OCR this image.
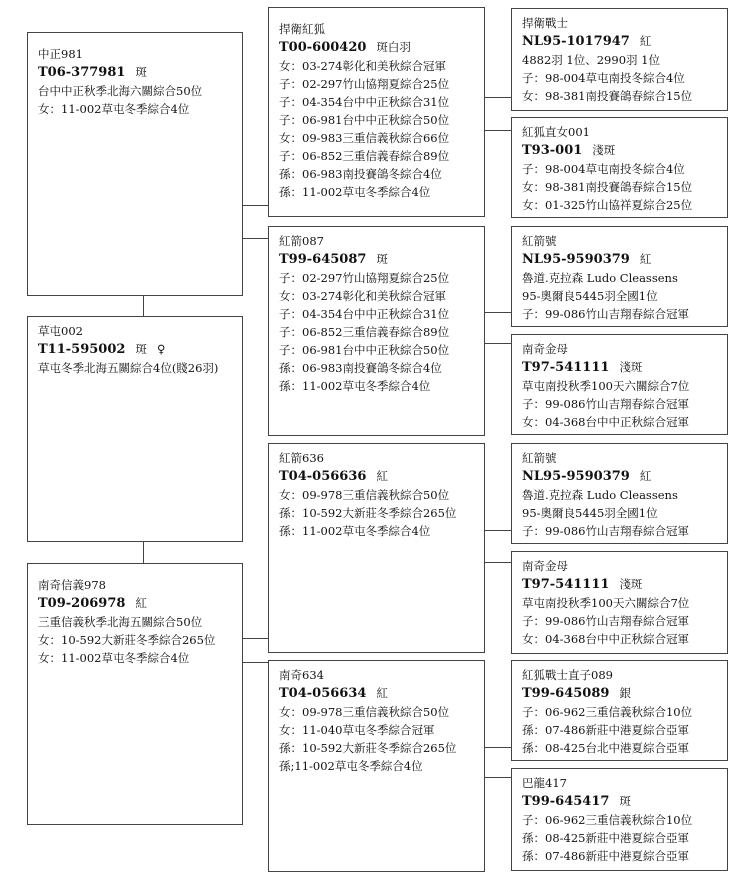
中正981
T06-377981 斑
台中中正秋季北海六關綜合50位
女：11-002草屯冬季綜合4位
草屯002
T11-595002 斑 ♀
草屯冬季北海五關綜合4位(賤26羽)
南奇信義978
T09-206978 紅
三重信義秋季北海五關綜合50位
女：10-592大新莊冬季綜合265位
女：11-002草屯冬季綜合4位
捍衛紅狐
T00-600420 斑白羽
女：03-274彰化和美秋綜合冠軍
子：02-297竹山協翔夏綜合25位
子：04-354台中中正秋綜合31位
子：06-981台中中正秋綜合50位
女：09-983三重信義秋綜合66位
子：06-852三重信義春綜合89位
孫：06-983南投賽鴿冬綜合4位
孫：11-002草屯冬季綜合4位
紅箭087
T99-645087 斑
子：02-297竹山協翔夏綜合25位
女：03-274彰化和美秋綜合冠軍
子：04-354台中中正秋綜合31位
子：06-852三重信義春綜合89位
子：06-981台中中正秋綜合50位
孫：06-983南投賽鴿冬綜合4位
孫：11-002草屯冬季綜合4位
紅箭636
T04-056636 紅
女：09-978三重信義秋綜合50位
孫：10-592大新莊冬季綜合265位
孫：11-002草屯冬季綜合4位
南奇634
T04-056634 紅
女：09-978三重信義秋綜合50位
女：11-040草屯冬季綜合冠軍
孫：10-592大新莊冬季綜合265位
孫;11-002草屯冬季綜合4位
捍衛戰士
NL95-1017947 紅
4882羽 1位、2990羽 1位
子：98-004草屯南投冬綜合4位
女：98-381南投賽鴿春綜合15位
紅狐直女001
T93-001 淺斑
子：98-004草屯南投冬綜合4位
女：98-381南投賽鴿春綜合15位
女：01-325竹山協祥夏綜合25位
紅箭號
NL95-9590379 紅
魯道.克拉森 Ludo Cleassens
95-奧爾良5445羽全國1位
子：99-086竹山吉翔春綜合冠軍
南奇金母
T97-541111 淺斑
草屯南投秋季100天六關綜合7位
子：99-086竹山吉翔春綜合冠軍
女：04-368台中中正秋綜合冠軍
紅箭號
NL95-9590379 紅
魯道.克拉森 Ludo Cleassens
95-奧爾良5445羽全國1位
子：99-086竹山吉翔春綜合冠軍
南奇金母
T97-541111 淺斑
草屯南投秋季100天六關綜合7位
子：99-086竹山吉翔春綜合冠軍
女：04-368台中中正秋綜合冠軍
紅狐戰士直子089
T99-645089 銀
子：06-962三重信義秋綜合10位
孫：07-486新莊中港夏綜合亞軍
孫：08-425台北中港夏綜合亞軍
巴龍417
T99-645417 斑
子：06-962三重信義秋綜合10位
孫：08-425新莊中港夏綜合亞軍
孫：07-486新莊中港夏綜合亞軍
